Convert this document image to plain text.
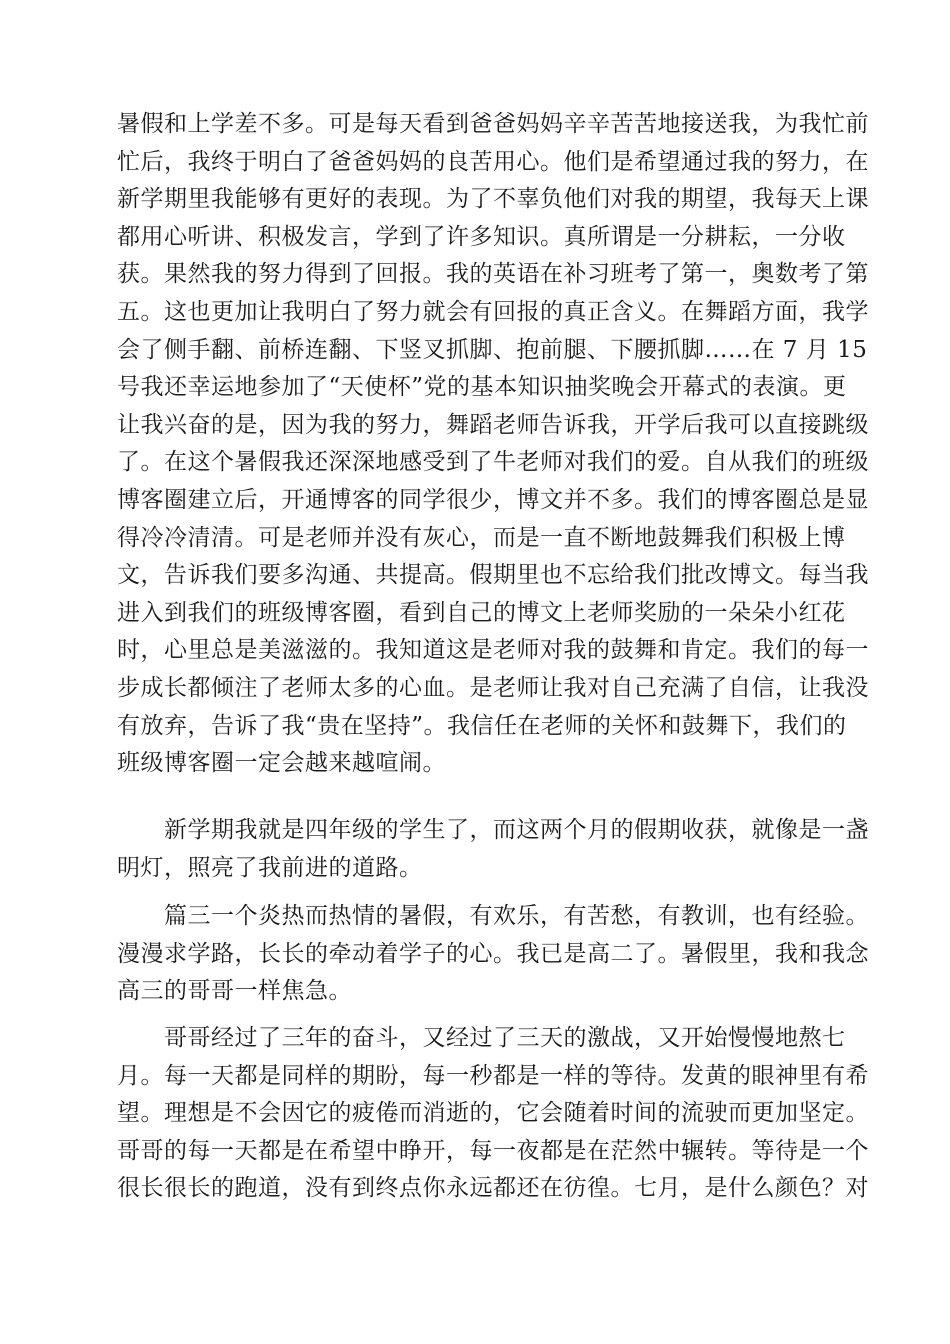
暑假和上学差不多。可是每天看到爸爸妈妈辛辛苦苦地接送我，为我忙前
忙后，我终于明白了爸爸妈妈的良苦用心。他们是希望通过我的努力，在
新学期里我能够有更好的表现。为了不辜负他们对我的期望，我每天上课
都用心听讲、积极发言，学到了许多知识。真所谓是一分耕耘，一分收
获。果然我的努力得到了回报。我的英语在补习班考了第一，奥数考了第
五。这也更加让我明白了努力就会有回报的真正含义。在舞蹈方面，我学
会了侧手翻、前桥连翻、下竖叉抓脚、抱前腿、下腰抓脚……在 7 月 15
号我还幸运地参加了“天使杯”党的基本知识抽奖晚会开幕式的表演。更
让我兴奋的是，因为我的努力，舞蹈老师告诉我，开学后我可以直接跳级
了。在这个暑假我还深深地感受到了牛老师对我们的爱。自从我们的班级
博客圈建立后，开通博客的同学很少，博文并不多。我们的博客圈总是显
得冷冷清清。可是老师并没有灰心，而是一直不断地鼓舞我们积极上博
文，告诉我们要多沟通、共提高。假期里也不忘给我们批改博文。每当我
进入到我们的班级博客圈，看到自己的博文上老师奖励的一朵朵小红花
时，心里总是美滋滋的。我知道这是老师对我的鼓舞和肯定。我们的每一
步成长都倾注了老师太多的心血。是老师让我对自己充满了自信，让我没
有放弃，告诉了我“贵在坚持”。我信任在老师的关怀和鼓舞下，我们的
班级博客圈一定会越来越喧闹。
　　新学期我就是四年级的学生了，而这两个月的假期收获，就像是一盏
明灯，照亮了我前进的道路。
　　篇三一个炎热而热情的暑假，有欢乐，有苦愁，有教训，也有经验。
漫漫求学路，长长的牵动着学子的心。我已是高二了。暑假里，我和我念
高三的哥哥一样焦急。
　　哥哥经过了三年的奋斗，又经过了三天的激战，又开始慢慢地熬七
月。每一天都是同样的期盼，每一秒都是一样的等待。发黄的眼神里有希
望。理想是不会因它的疲倦而消逝的，它会随着时间的流驶而更加坚定。
哥哥的每一天都是在希望中睁开，每一夜都是在茫然中辗转。等待是一个
很长很长的跑道，没有到终点你永远都还在彷徨。七月，是什么颜色？对
